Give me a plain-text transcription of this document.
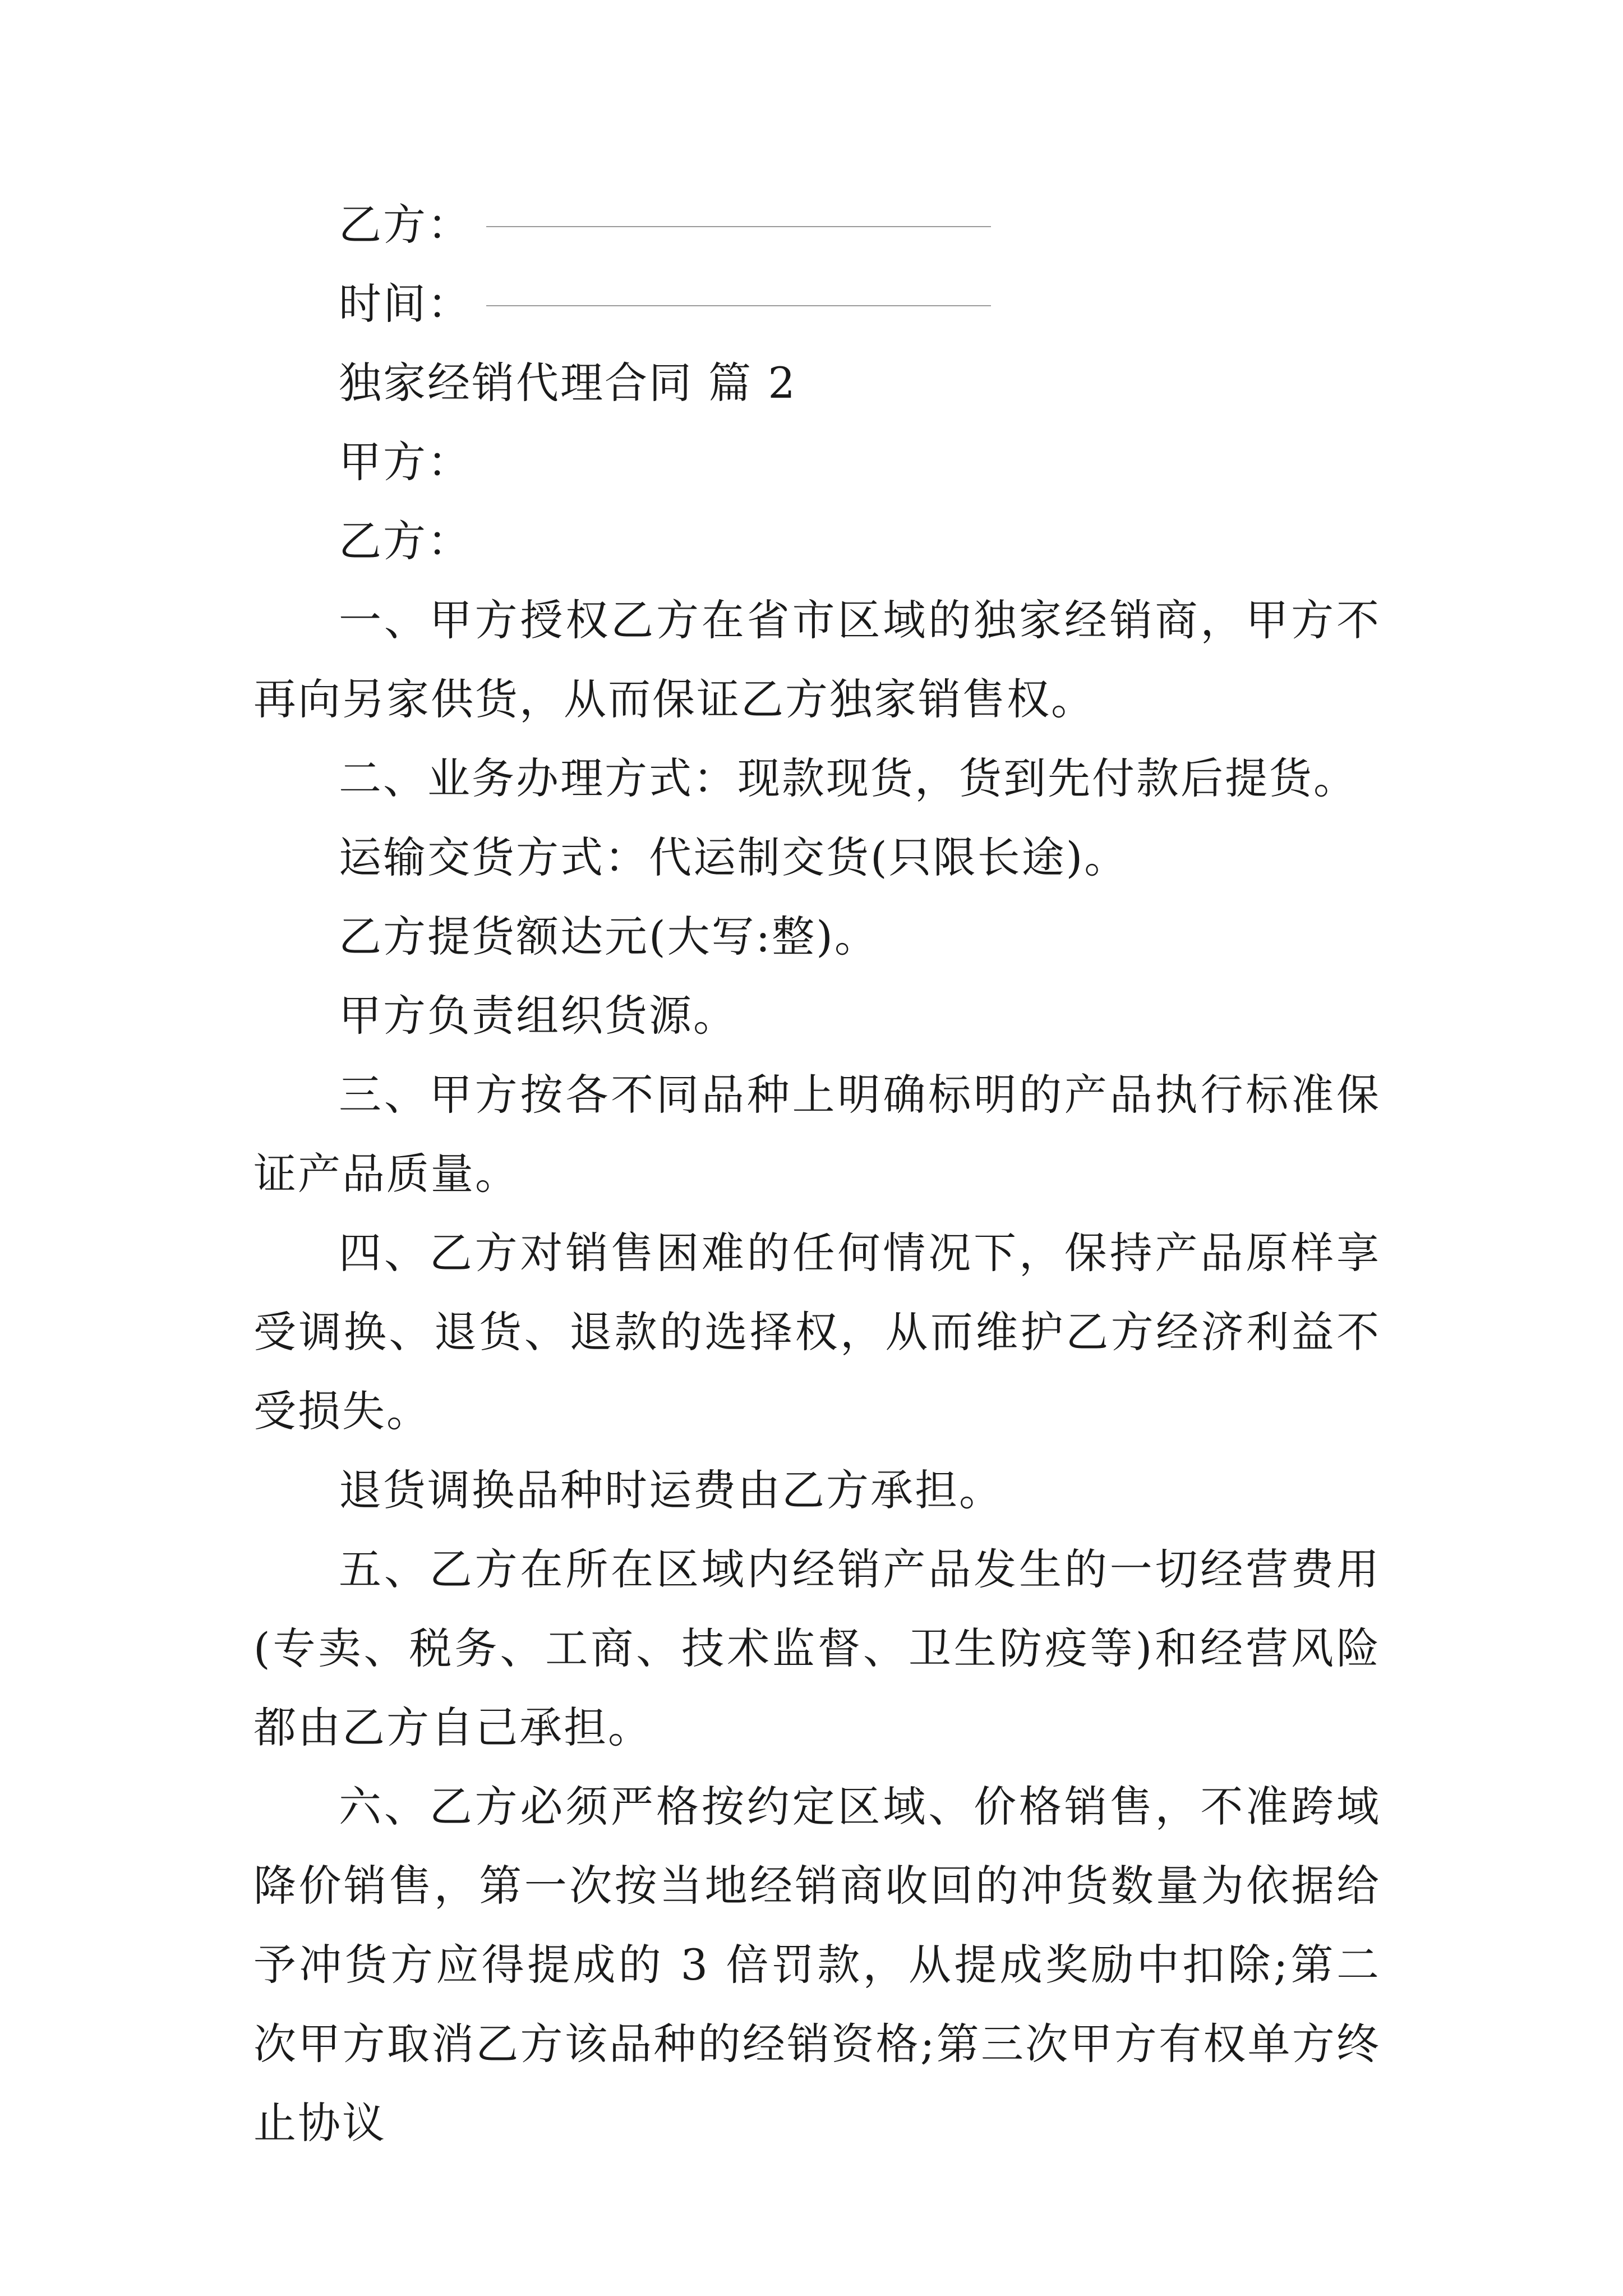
乙方：
时间：
独家经销代理合同 篇 2
甲方：
乙方：

一、甲方授权乙方在省市区域的独家经销商，甲方不再向另家供货，从而保证乙方独家销售权。

二、业务办理方式：现款现货，货到先付款后提货。

运输交货方式：代运制交货(只限长途)。

乙方提货额达元(大写:整)。

甲方负责组织货源。

三、甲方按各不同品种上明确标明的产品执行标准保证产品质量。

四、乙方对销售困难的任何情况下，保持产品原样享受调换、退货、退款的选择权，从而维护乙方经济利益不受损失。

退货调换品种时运费由乙方承担。

五、乙方在所在区域内经销产品发生的一切经营费用(专卖、税务、工商、技术监督、卫生防疫等)和经营风险都由乙方自己承担。

六、乙方必须严格按约定区域、价格销售，不准跨域降价销售，第一次按当地经销商收回的冲货数量为依据给予冲货方应得提成的 3 倍罚款，从提成奖励中扣除;第二次甲方取消乙方该品种的经销资格;第三次甲方有权单方终止协议
